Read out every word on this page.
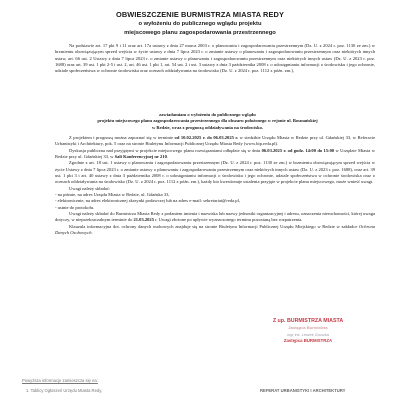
OBWIESZCZENIE BURMISTRZA MIASTA REDY
o wyłożeniu do publicznego wglądu projektu
miejscowego planu zagospodarowania przestrzennego

Na podstawie art. 17 pkt 9 i 11 oraz art. 17a ustawy z dnia 27 marca 2003 r. o planowaniu i zagospodarowaniu przestrzennym (Dz. U. z 2024 r. poz. 1130 ze zm.) w brzmieniu obowiązującym sprzed wejścia w życie ustawy z dnia 7 lipca 2023 r. o zmianie ustawy o planowaniu i zagospodarowaniu przestrzennym oraz niektórych innych ustaw, art. 66 ust. 2 Ustawy z dnia 7 lipca 2023 r. o zmianie ustawy o planowaniu i zagospodarowaniu przestrzennym oraz niektórych innych ustaw (Dz. U. z 2023 r. poz. 1688) oraz art. 39 ust. 1 pkt 2-5 i ust. 2, art. 46 ust. 1 pkt 1, art. 54 ust. 2 i ust. 3 ustawy z dnia 3 października 2008 r. o udostępnianiu informacji o środowisku i jego ochronie, udziale społeczeństwa w ochronie środowiska oraz ocenach oddziaływania na środowisko (Dz. U. z 2024 r. poz. 1112 z późn. zm.),

zawiadamiam o wyłożeniu do publicznego wglądu

projektu miejscowego planu zagospodarowania przestrzennego dla obszaru położonego w rejonie ul. Bosmańskiej

w Redzie, wraz z prognozą oddziaływania na środowisko.

Z projektem i prognozą można zapoznać się w terminie od 10.02.2025 r. do 06.03.2025 r. w siedzibie Urzędu Miasta w Redzie przy ul. Gdańskiej 33, w Referacie Urbanistyki i Architektury, pok. 5 oraz na stronie Biuletynu Informacji Publicznej Urzędu Miasta Redy (www.bip.reda.pl).

Dyskusja publiczna nad przyjętymi w projekcie miejscowego planu rozwiązaniami odbędzie się w dniu 06.03.2025 r. od godz. 14:00 do 15:00 w Urzędzie Miasta w Redzie przy ul. Gdańskiej 33, w Sali Konferencyjnej nr 210.

Zgodnie z art. 18 ust. 1 ustawy o planowaniu i zagospodarowaniu przestrzennym (Dz. U. z 2024 r. poz. 1130 ze zm.) w brzmieniu obowiązującym sprzed wejścia w życie Ustawy z dnia 7 lipca 2023 r. o zmianie ustawy o planowaniu i zagospodarowaniu przestrzennym oraz niektórych innych ustaw (Dz. U. z 2023 r. poz. 1688), oraz art. 39 ust. 1 pkt 3 i art. 40 ustawy z dnia 3 października 2008 r. o udostępnianiu informacji o środowisku i jego ochronie, udziale społeczeństwa w ochronie środowiska oraz o ocenach oddziaływania na środowisko (Dz. U. z 2024 r. poz. 1112 z późn. zm.), każdy kto kwestionuje ustalenia przyjęte w projekcie planu miejscowego, może wnieść uwagi.

Uwagi należy składać:

- na piśmie, na adres Urzędu Miasta w Redzie, ul. Gdańska 33,

- elektronicznie, na adres elektronicznej skrzynki podawczej lub na adres e-mail: sekretariat@reda.pl,

- ustnie do protokołu.

Uwagi należy składać do Burmistrza Miasta Redy z podaniem imienia i nazwiska lub nazwy jednostki organizacyjnej i adresu, oznaczenia nieruchomości, której uwaga dotyczy, w nieprzekraczalnym terminie do 21.03.2025 r. Uwagi złożone po upływie wyznaczonego terminu pozostaną bez rozpatrzenia.

Klauzula informacyjna dot. ochrony danych osobowych znajduje się na stronie Biuletynu Informacji Publicznej Urzędu Miejskiego w Redzie w zakładce Ochrona Danych Osobowych.

Z up. BURMISTRZA MIASTA
Zastępca Burmistrza
mgr inż. Leszek Gruszka
Zastępca BURMISTRZA
Powyższa informacje zamieszcza się na:
1. Tablicy Ogłoszeń Urzędu Miasta Redy,	REFERAT URBANISTYKI I ARCHITEKTURY
